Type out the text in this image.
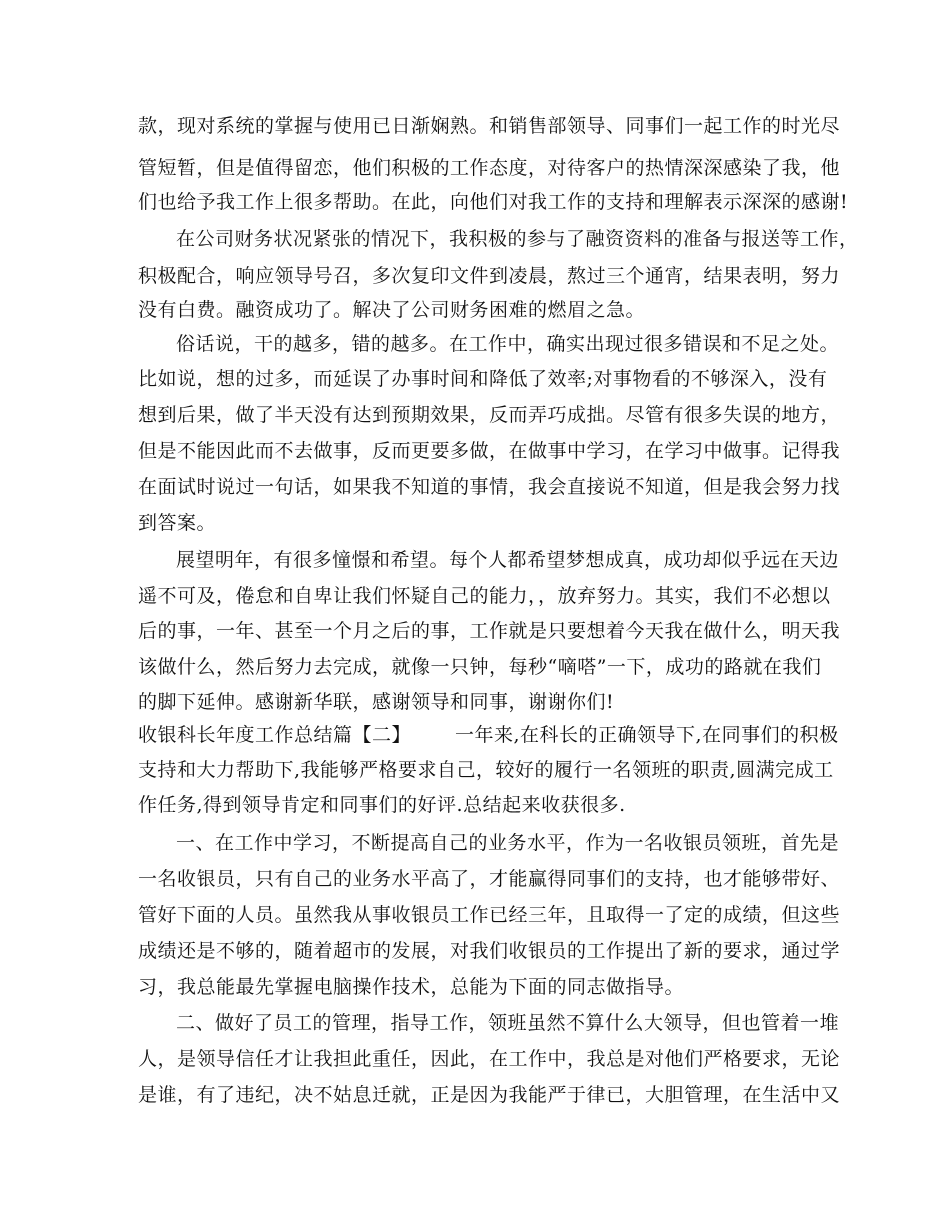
款，现对系统的掌握与使用已日渐娴熟。和销售部领导、同事们一起工作的时光尽
管短暂，但是值得留恋，他们积极的工作态度，对待客户的热情深深感染了我，他
们也给予我工作上很多帮助。在此，向他们对我工作的支持和理解表示深深的感谢!
在公司财务状况紧张的情况下，我积极的参与了融资资料的准备与报送等工作，
积极配合，响应领导号召，多次复印文件到凌晨，熬过三个通宵，结果表明，努力
没有白费。融资成功了。解决了公司财务困难的燃眉之急。
俗话说，干的越多，错的越多。在工作中，确实出现过很多错误和不足之处。
比如说，想的过多，而延误了办事时间和降低了效率;对事物看的不够深入，没有
想到后果，做了半天没有达到预期效果，反而弄巧成拙。尽管有很多失误的地方，
但是不能因此而不去做事，反而更要多做，在做事中学习，在学习中做事。记得我
在面试时说过一句话，如果我不知道的事情，我会直接说不知道，但是我会努力找
到答案。
展望明年，有很多憧憬和希望。每个人都希望梦想成真，成功却似乎远在天边
遥不可及，倦怠和自卑让我们怀疑自己的能力，，放弃努力。其实，我们不必想以
后的事，一年、甚至一个月之后的事，工作就是只要想着今天我在做什么，明天我
该做什么，然后努力去完成，就像一只钟，每秒“嘀嗒”一下，成功的路就在我们
的脚下延伸。感谢新华联，感谢领导和同事，谢谢你们!
收银科长年度工作总结篇【二】 一年来,在科长的正确领导下,在同事们的积极
支持和大力帮助下,我能够严格要求自己，较好的履行一名领班的职责,圆满完成工
作任务,得到领导肯定和同事们的好评.总结起来收获很多.
一、在工作中学习，不断提高自己的业务水平，作为一名收银员领班，首先是
一名收银员，只有自己的业务水平高了，才能赢得同事们的支持，也才能够带好、
管好下面的人员。虽然我从事收银员工作已经三年，且取得一了定的成绩，但这些
成绩还是不够的，随着超市的发展，对我们收银员的工作提出了新的要求，通过学
习，我总能最先掌握电脑操作技术，总能为下面的同志做指导。
二、做好了员工的管理，指导工作，领班虽然不算什么大领导，但也管着一堆
人，是领导信任才让我担此重任，因此，在工作中，我总是对他们严格要求，无论
是谁，有了违纪，决不姑息迁就，正是因为我能严于律已，大胆管理，在生活中又
